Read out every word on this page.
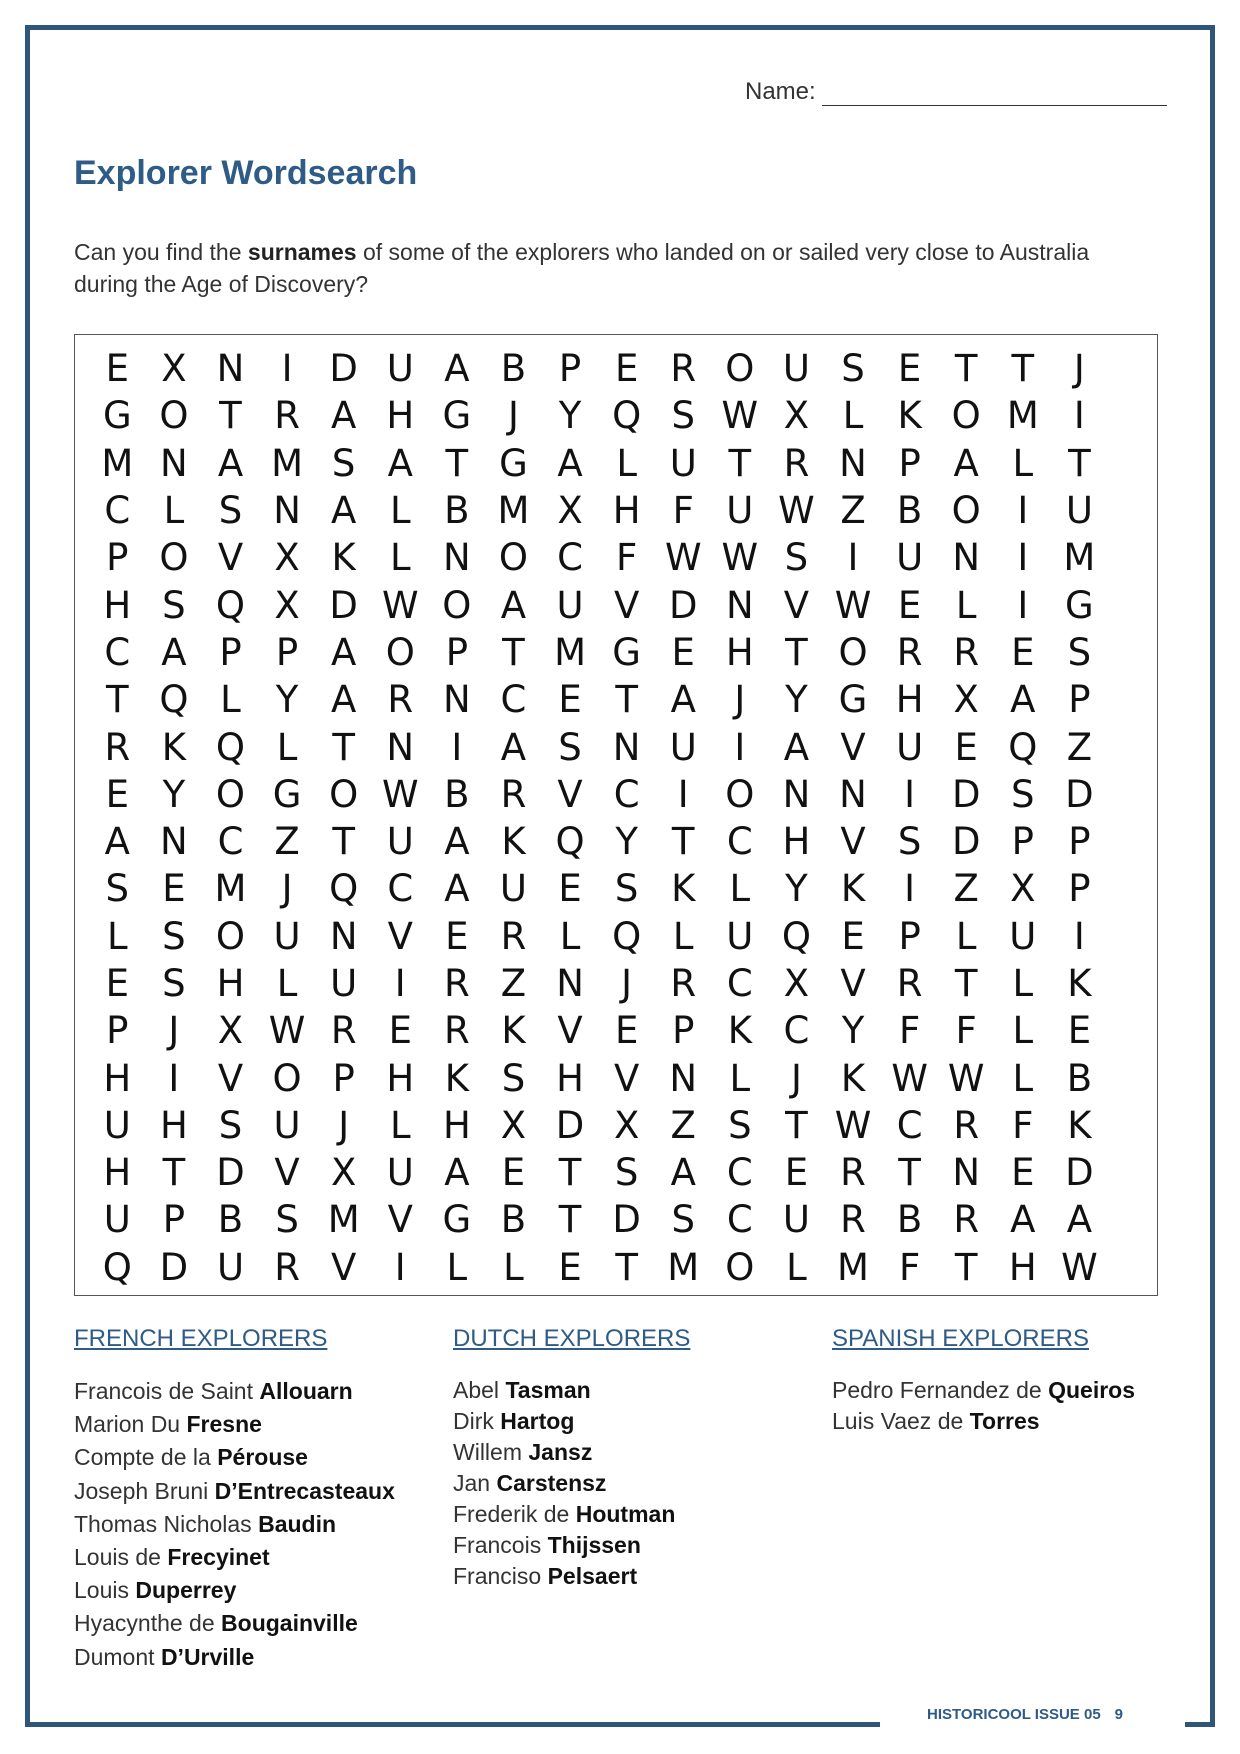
Name:
Explorer Wordsearch
Can you find the surnames of some of the explorers who landed on or sailed very close to Australia during the Age of Discovery?
E X N	I D U A B P E R O U S E T T	J
G O T R A H G J	Y Q S W X L K O M I
M N A M S A T G A L U T R N P A L T
C L S N A L B M X H F U W Z B O I	U
P O V X K L N O C F W W S	I	U N	I M
H S Q X D W O A U V D N V W E L	I G
C A P P A O P T M G E H T O R R E S
T Q L Y A R N C E T A	J	Y G H X A P
R K Q L T N	I	A S N U	I	A V U E Q Z
E Y O G O W B R V C	I O N N	I D S D
A N C Z T U A K Q Y T C H V S D P P
S E M J Q C A U E S K L Y K	I	Z X P
L S O U N V E R L Q L U Q E P L U	I
E S H L U	I	R Z N	J	R C X V R T L K
P	J	X W R E R K V E P K C Y F F L E
H	I	V O P H K S H V N L	J	K W W L B
U H S U	J	L H X D X Z S T W C R F K
H T D V X U A E T S A C E R T N E D
U P B S M V G B T D S C U R B R A A
Q D U R V	I	L L E T M O L M F T H W
FRENCH EXPLORERS
Francois de Saint Allouarn
Marion Du Fresne
Compte de la Pérouse
Joseph Bruni D’Entrecasteaux
Thomas Nicholas Baudin
Louis de Frecyinet
Louis Duperrey
Hyacynthe de Bougainville
Dumont D’Urville
DUTCH EXPLORERS
Abel Tasman
Dirk Hartog
Willem Jansz
Jan Carstensz
Frederik de Houtman
Francois Thijssen
Franciso Pelsaert
SPANISH EXPLORERS
Pedro Fernandez de Queiros
Luis Vaez de Torres
HISTORICOOL ISSUE 05 9
